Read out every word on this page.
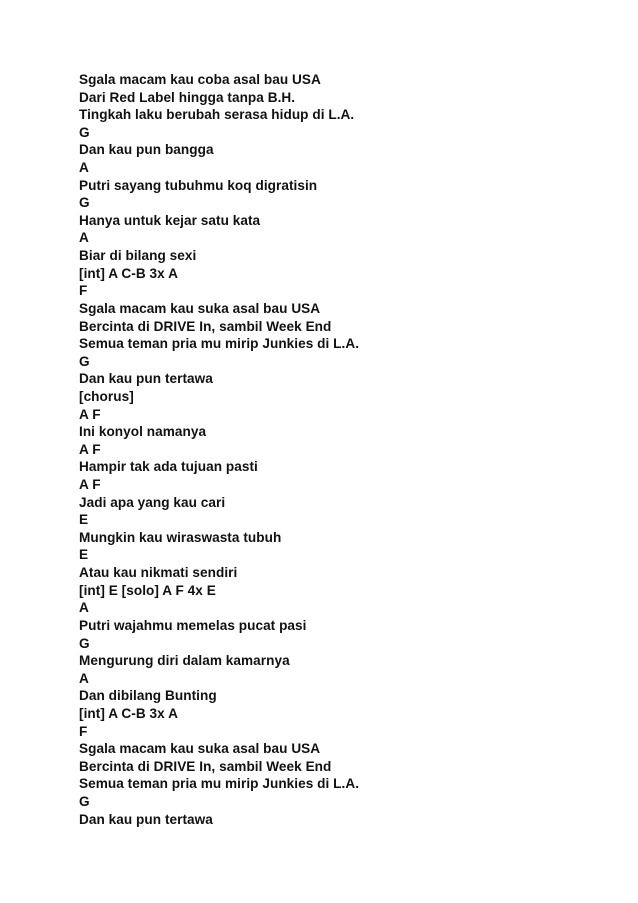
Sgala macam kau coba asal bau USA
Dari Red Label hingga tanpa B.H.
Tingkah laku berubah serasa hidup di L.A.
G
Dan kau pun bangga
A
Putri sayang tubuhmu koq digratisin
G
Hanya untuk kejar satu kata
A
Biar di bilang sexi
[int] A C-B 3x A
F
Sgala macam kau suka asal bau USA
Bercinta di DRIVE In, sambil Week End
Semua teman pria mu mirip Junkies di L.A.
G
Dan kau pun tertawa
[chorus]
A F
Ini konyol namanya
A F
Hampir tak ada tujuan pasti
A F
Jadi apa yang kau cari
E
Mungkin kau wiraswasta tubuh
E
Atau kau nikmati sendiri
[int] E [solo] A F 4x E
A
Putri wajahmu memelas pucat pasi
G
Mengurung diri dalam kamarnya
A
Dan dibilang Bunting
[int] A C-B 3x A
F
Sgala macam kau suka asal bau USA
Bercinta di DRIVE In, sambil Week End
Semua teman pria mu mirip Junkies di L.A.
G
Dan kau pun tertawa
